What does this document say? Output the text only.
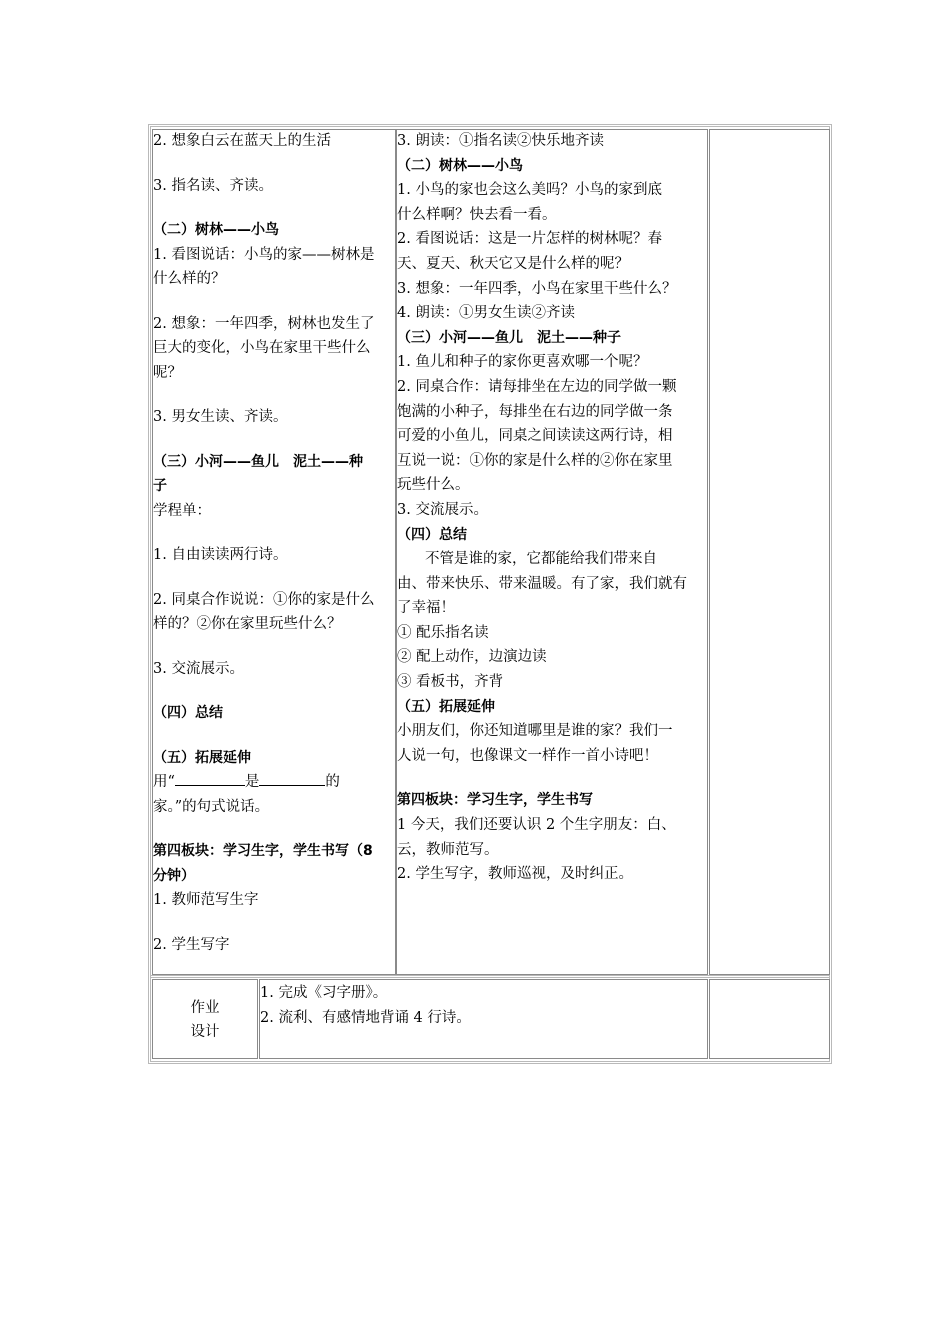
2. 想象白云在蓝天上的生活

3. 指名读、齐读。

（二）树林——小鸟

1. 看图说话：小鸟的家——树林是

什么样的？

2. 想象：一年四季，树林也发生了

巨大的变化，小鸟在家里干些什么

呢？

3. 男女生读、齐读。

（三）小河——鱼儿　泥土——种

子

学程单：

1. 自由读读两行诗。

2. 同桌合作说说：①你的家是什么

样的？②你在家里玩些什么？

3. 交流展示。

（四）总结

（五）拓展延伸

用“	是	的

家。”的句式说话。

第四板块：学习生字，学生书写（8

分钟）

1. 教师范写生字

2. 学生写字

3. 朗读：①指名读②快乐地齐读

（二）树林——小鸟

1. 小鸟的家也会这么美吗？小鸟的家到底

什么样啊？快去看一看。

2. 看图说话：这是一片怎样的树林呢？春

天、夏天、秋天它又是什么样的呢？

3. 想象：一年四季，小鸟在家里干些什么？

4. 朗读：①男女生读②齐读

（三）小河——鱼儿　泥土——种子

1. 鱼儿和种子的家你更喜欢哪一个呢？

2. 同桌合作：请每排坐在左边的同学做一颗

饱满的小种子，每排坐在右边的同学做一条

可爱的小鱼儿，同桌之间读读这两行诗，相

互说一说：①你的家是什么样的②你在家里

玩些什么。

3. 交流展示。

（四）总结

不管是谁的家，它都能给我们带来自

由、带来快乐、带来温暖。有了家，我们就有

了幸福！

① 配乐指名读

② 配上动作，边演边读

③ 看板书，齐背

（五）拓展延伸

小朋友们，你还知道哪里是谁的家？我们一

人说一句，也像课文一样作一首小诗吧！

第四板块：学习生字，学生书写

1 今天，我们还要认识 2 个生字朋友：白、

云，教师范写。

2. 学生写字，教师巡视，及时纠正。

作业
设计

1. 完成《习字册》。

2. 流利、有感情地背诵 4 行诗。
